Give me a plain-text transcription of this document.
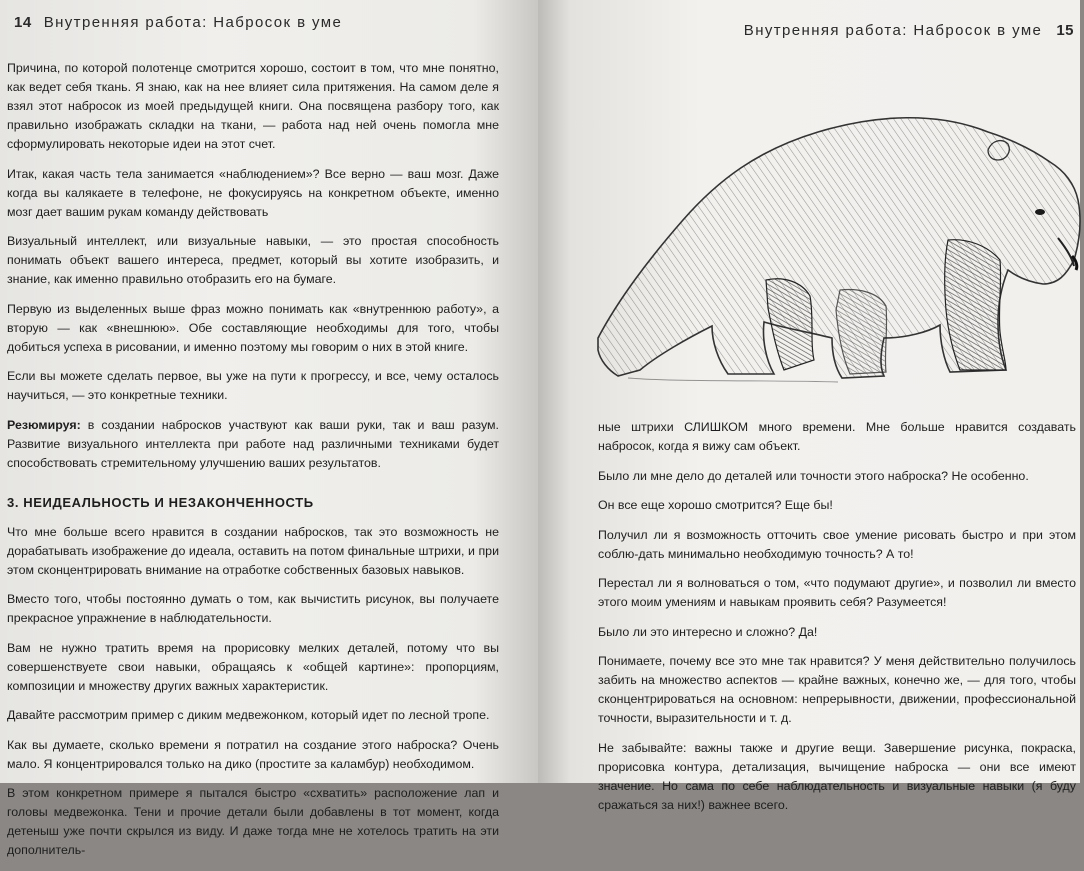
14 Внутренняя работа: Набросок в уме

Причина, по которой полотенце смотрится хорошо, состоит в том, что мне понятно, как ведет себя ткань. Я знаю, как на нее влияет сила притяжения. На самом деле я взял этот набросок из моей предыдущей книги. Она посвящена разбору того, как правильно изображать складки на ткани, — работа над ней очень помогла мне сформулировать некоторые идеи на этот счет.

Итак, какая часть тела занимается «наблюдением»? Все верно — ваш мозг. Даже когда вы калякаете в телефоне, не фокусируясь на конкретном объекте, именно мозг дает вашим рукам команду действовать

Визуальный интеллект, или визуальные навыки, — это простая способность понимать объект вашего интереса, предмет, который вы хотите изобразить, и знание, как именно правильно отобразить его на бумаге.

Первую из выделенных выше фраз можно понимать как «внутреннюю работу», а вторую — как «внешнюю». Обе составляющие необходимы для того, чтобы добиться успеха в рисовании, и именно поэтому мы говорим о них в этой книге.

Если вы можете сделать первое, вы уже на пути к прогрессу, и все, чему осталось научиться, — это конкретные техники.

Резюмируя: в создании набросков участвуют как ваши руки, так и ваш разум. Развитие визуального интеллекта при работе над различными техниками будет способствовать стремительному улучшению ваших результатов.

3. НЕИДЕАЛЬНОСТЬ И НЕЗАКОНЧЕННОСТЬ

Что мне больше всего нравится в создании набросков, так это возможность не дорабатывать изображение до идеала, оставить на потом финальные штрихи, и при этом сконцентрировать внимание на отработке собственных базовых навыков.

Вместо того, чтобы постоянно думать о том, как вычистить рисунок, вы получаете прекрасное упражнение в наблюдательности.

Вам не нужно тратить время на прорисовку мелких деталей, потому что вы совершенствуете свои навыки, обращаясь к «общей картине»: пропорциям, композиции и множеству других важных характеристик.

Давайте рассмотрим пример с диким медвежонком, который идет по лесной тропе.

Как вы думаете, сколько времени я потратил на создание этого наброска? Очень мало. Я концентрировался только на дико (простите за каламбур) необходимом.

В этом конкретном примере я пытался быстро «схватить» расположение лап и головы медвежонка. Тени и прочие детали были добавлены в тот момент, когда детеныш уже почти скрылся из виду. И даже тогда мне не хотелось тратить на эти дополнитель-

Внутренняя работа: Набросок в уме 15

ные штрихи СЛИШКОМ много времени. Мне больше нравится создавать набросок, когда я вижу сам объект.

Было ли мне дело до деталей или точности этого наброска? Не особенно.

Он все еще хорошо смотрится? Еще бы!

Получил ли я возможность отточить свое умение рисовать быстро и при этом соблю-дать минимально необходимую точность? А то!

Перестал ли я волноваться о том, «что подумают другие», и позволил ли вместо этого моим умениям и навыкам проявить себя? Разумеется!

Было ли это интересно и сложно? Да!

Понимаете, почему все это мне так нравится? У меня действительно получилось забить на множество аспектов — крайне важных, конечно же, — для того, чтобы сконцентрироваться на основном: непрерывности, движении, профессиональной точности, выразительности и т. д.

Не забывайте: важны также и другие вещи. Завершение рисунка, покраска, прорисовка контура, детализация, вычищение наброска — они все имеют значение. Но сама по себе наблюдательность и визуальные навыки (я буду сражаться за них!) важнее всего.
